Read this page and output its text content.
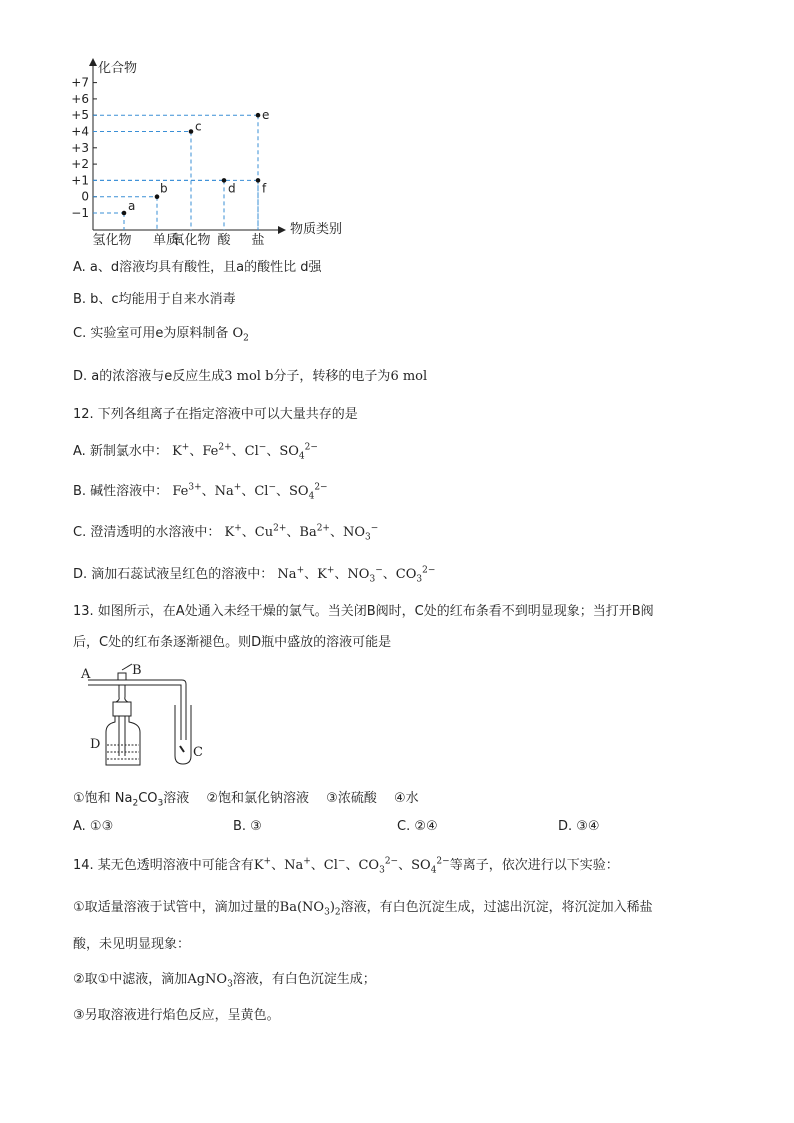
化合物
物质类别
+7
+6
+5
+4
+3
+2
+1
0
−1
氢化物 单质
氧化物 酸 盐
a
b
c
d
e
f
A. a、d溶液均具有酸性，且a的酸性比 d强
B. b、c均能用于自来水消毒
C. 实验室可用e为原料制备 $O_2$
D. a的浓溶液与e反应生成3 mol b分子，转移的电子为6 mol
12. 下列各组离子在指定溶液中可以大量共存的是
A. 新制氯水中： K+、$Fe^{2+}$、Cl−、$SO_4^{2-}$
B. 碱性溶液中： $Fe^{3+}$、Na+、Cl−、$SO_4^{2-}$
C. 澄清透明的水溶液中： K+、$Cu^{2+}$、$Ba^{2+}$、$NO_3^-$
D. 滴加石蕊试液呈红色的溶液中： Na+、K+、$NO_3^-$、$CO_3^{2-}$
13. 如图所示，在A处通入未经干燥的氯气。当关闭B阀时，C处的红布条看不到明显现象；当打开B阀
后，C处的红布条逐渐褪色。则D瓶中盛放的溶液可能是
A	B
D
C
①饱和 $Na_2CO_3$溶液　 ②饱和氯化钠溶液　 ③浓硫酸　 ④水
A. ①③	B. ③	C. ②④	D. ③④
14. 某无色透明溶液中可能含有K+、Na+、Cl−、$CO_3^{2-}$、$SO_4^{2-}$等离子，依次进行以下实验：
①取适量溶液于试管中，滴加过量的$Ba(NO_3)_2$溶液，有白色沉淀生成，过滤出沉淀，将沉淀加入稀盐
酸，未见明显现象：
②取①中滤液，滴加AgNO$_3$溶液，有白色沉淀生成；
③另取溶液进行焰色反应，呈黄色。
